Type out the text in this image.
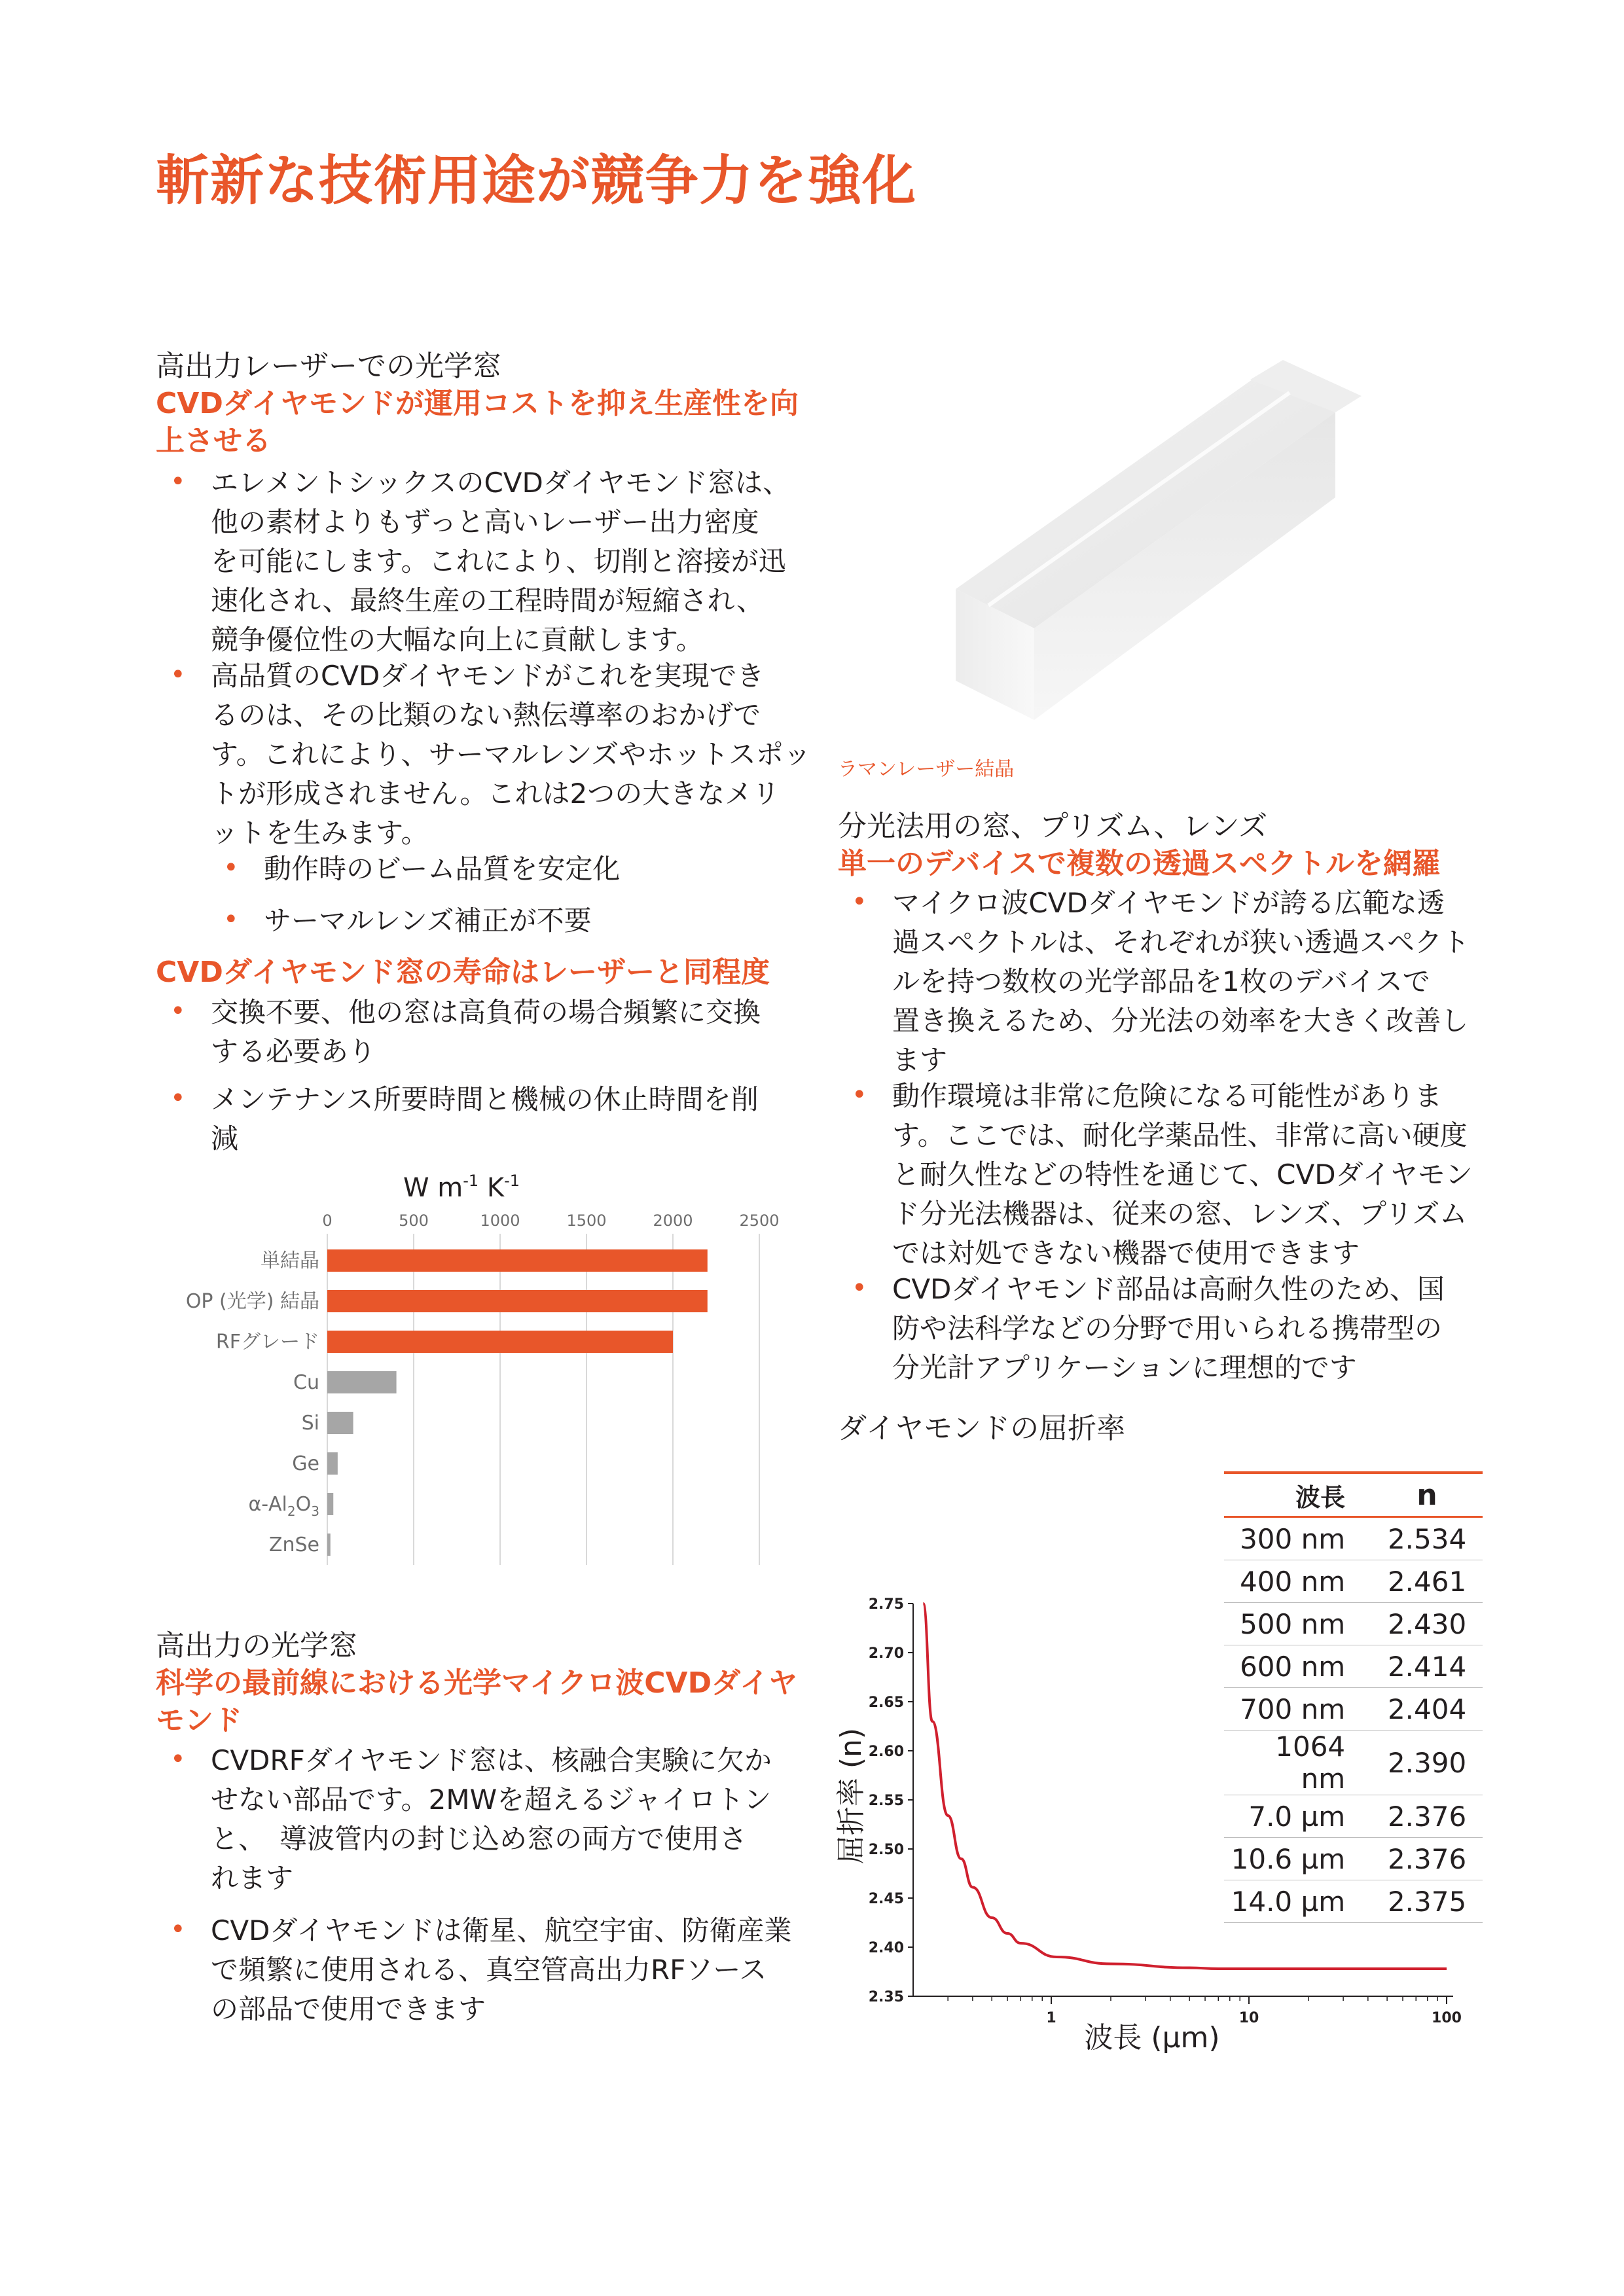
斬新な技術用途が競争力を強化
高出力レーザーでの光学窓
CVDダイヤモンドが運用コストを抑え生産性を向
上させる
• エレメントシックスのCVDダイヤモンド窓は、
他の素材よりもずっと高いレーザー出力密度
を可能にします。これにより、切削と溶接が迅
速化され、最終生産の工程時間が短縮され、
競争優位性の大幅な向上に貢献します。
• 高品質のCVDダイヤモンドがこれを実現でき
るのは、その比類のない熱伝導率のおかげで
す。これにより、サーマルレンズやホットスポッ
トが形成されません。これは2つの大きなメリ
ットを生みます。
• 動作時のビーム品質を安定化
• サーマルレンズ補正が不要
CVDダイヤモンド窓の寿命はレーザーと同程度
• 交換不要、他の窓は高負荷の場合頻繁に交換
する必要あり
• メンテナンス所要時間と機械の休止時間を削
減
W $m^{-1}$ $K^{-1}$
0	500	1000	1500	2000	2500
単結晶
OP (光学) 結晶
RFグレード
Cu
Si
Ge
$\alpha-Al_2O_3$
ZnSe
高出力の光学窓
科学の最前線における光学マイクロ波CVDダイヤ
モンド
• CVDRFダイヤモンド窓は、核融合実験に欠か
せない部品です。2MWを超えるジャイロトン
と、　導波管内の封じ込め窓の両方で使用さ
れます
• CVDダイヤモンドは衛星、航空宇宙、防衛産業
で頻繁に使用される、真空管高出力RFソース
の部品で使用できます
ラマンレーザー結晶
分光法用の窓、プリズム、レンズ
単一のデバイスで複数の透過スペクトルを網羅
• マイクロ波CVDダイヤモンドが誇る広範な透
過スペクトルは、それぞれが狭い透過スペクト
ルを持つ数枚の光学部品を1枚のデバイスで
置き換えるため、分光法の効率を大きく改善し
ます
• 動作環境は非常に危険になる可能性がありま
す。ここでは、耐化学薬品性、非常に高い硬度
と耐久性などの特性を通じて、CVDダイヤモン
ド分光法機器は、従来の窓、レンズ、プリズム
では対処できない機器で使用できます
• CVDダイヤモンド部品は高耐久性のため、国
防や法科学などの分野で用いられる携帯型の
分光計アプリケーションに理想的です
ダイヤモンドの屈折率
2.35
2.40
2.45
2.50
2.55
2.60
2.65
2.70
2.75
1	10	100
屈折率 (n)
波長 (µm)
波長	n
300 nm	2.534
400 nm	2.461
500 nm	2.430
600 nm	2.414
700 nm	2.404
1064 nm	2.390
7.0 µm	2.376
10.6 µm	2.376
14.0 µm	2.375
